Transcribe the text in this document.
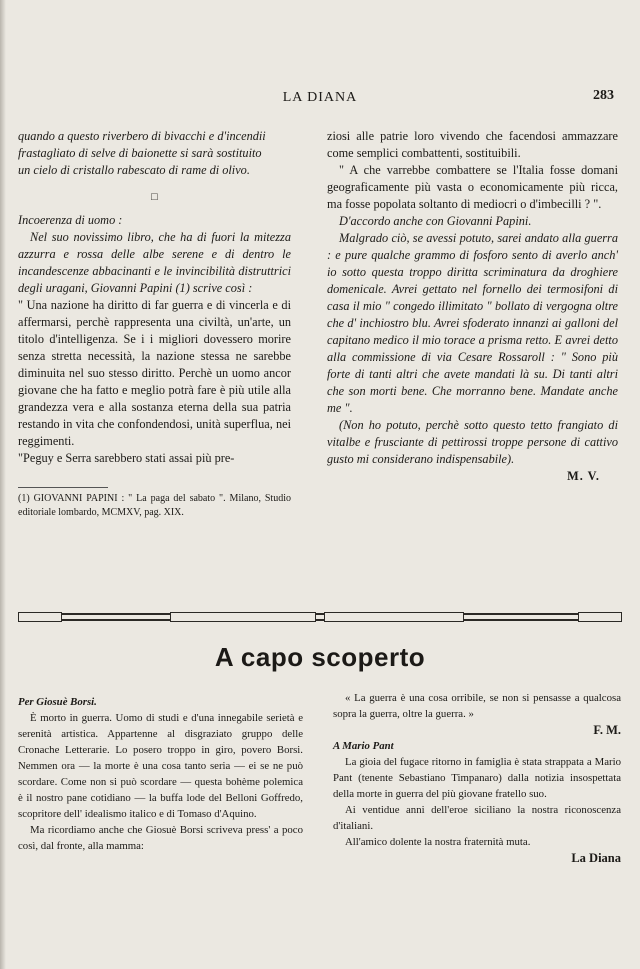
LA DIANA	283

quando a questo riverbero di bivacchi e d'incendii

frastagliato di selve di baionette si sarà sostituito

un cielo di cristallo rabescato di rame di olivo.

□

Incoerenza di uomo :

Nel suo novissimo libro, che ha di fuori la mitezza azzurra e rossa delle albe serene e di dentro le incandescenze abbacinanti e le invincibilità distruttrici degli uragani, Giovanni Papini (1) scrive così :

" Una nazione ha diritto di far guerra e di vincerla e di affermarsi, perchè rappresenta una civiltà, un'arte, un titolo d'intelligenza. Se i i migliori dovessero morire senza stretta necessità, la nazione stessa ne sarebbe diminuita nel suo stesso diritto. Perchè un uomo ancor giovane che ha fatto e meglio potrà fare è più utile alla grandezza vera e alla sostanza eterna della sua patria restando in vita che confondendosi, unità superflua, nei reggimenti.

"Peguy e Serra sarebbero stati assai più pre-

(1) GIOVANNI PAPINI : " La paga del sabato ". Milano, Studio editoriale lombardo, MCMXV, pag. XIX.

ziosi alle patrie loro vivendo che facendosi ammazzare come semplici combattenti, sostituibili.

" A che varrebbe combattere se l'Italia fosse domani geograficamente più vasta o economicamente più ricca, ma fosse popolata soltanto di mediocri o d'imbecilli ? ".

D'accordo anche con Giovanni Papini.

Malgrado ciò, se avessi potuto, sarei andato alla guerra : e pure qualche grammo di fosforo sento di averlo anch' io sotto questa troppo diritta scriminatura da droghiere domenicale. Avrei gettato nel fornello dei termosifoni di casa il mio " congedo illimitato " bollato di vergogna oltre che d' inchiostro blu. Avrei sfoderato innanzi ai galloni del capitano medico il mio torace a prisma retto. E avrei detto alla commissione di via Cesare Rossaroll : " Sono più forte di tanti altri che avete mandati là su. Di tanti altri che son morti bene. Che morranno bene. Mandate anche me ".

(Non ho potuto, perchè sotto questo tetto frangiato di vitalbe e frusciante di pettirossi troppe persone di cattivo gusto mi considerano indispensabile).

M. V.

A capo scoperto

Per Giosuè Borsi.

È morto in guerra. Uomo di studi e d'una innegabile serietà e serenità artistica. Appartenne al disgraziato gruppo delle Cronache Letterarie. Lo posero troppo in giro, povero Borsi. Nemmen ora — la morte è una cosa tanto seria — ei se ne può scordare. Come non si può scordare — questa bohème polemica è il nostro pane cotidiano — la buffa lode del Belloni Goffredo, scopritore dell' idealismo italico e di Tomaso d'Aquino.

Ma ricordiamo anche che Giosuè Borsi scriveva press' a poco così, dal fronte, alla mamma:

« La guerra è una cosa orribile, se non si pensasse a qualcosa sopra la guerra, oltre la guerra. »

F. M.

A Mario Pant

La gioia del fugace ritorno in famiglia è stata strappata a Mario Pant (tenente Sebastiano Timpanaro) dalla notizia insospettata della morte in guerra del più giovane fratello suo.

Ai ventidue anni dell'eroe siciliano la nostra riconoscenza d'italiani.

All'amico dolente la nostra fraternità muta.

La Diana
